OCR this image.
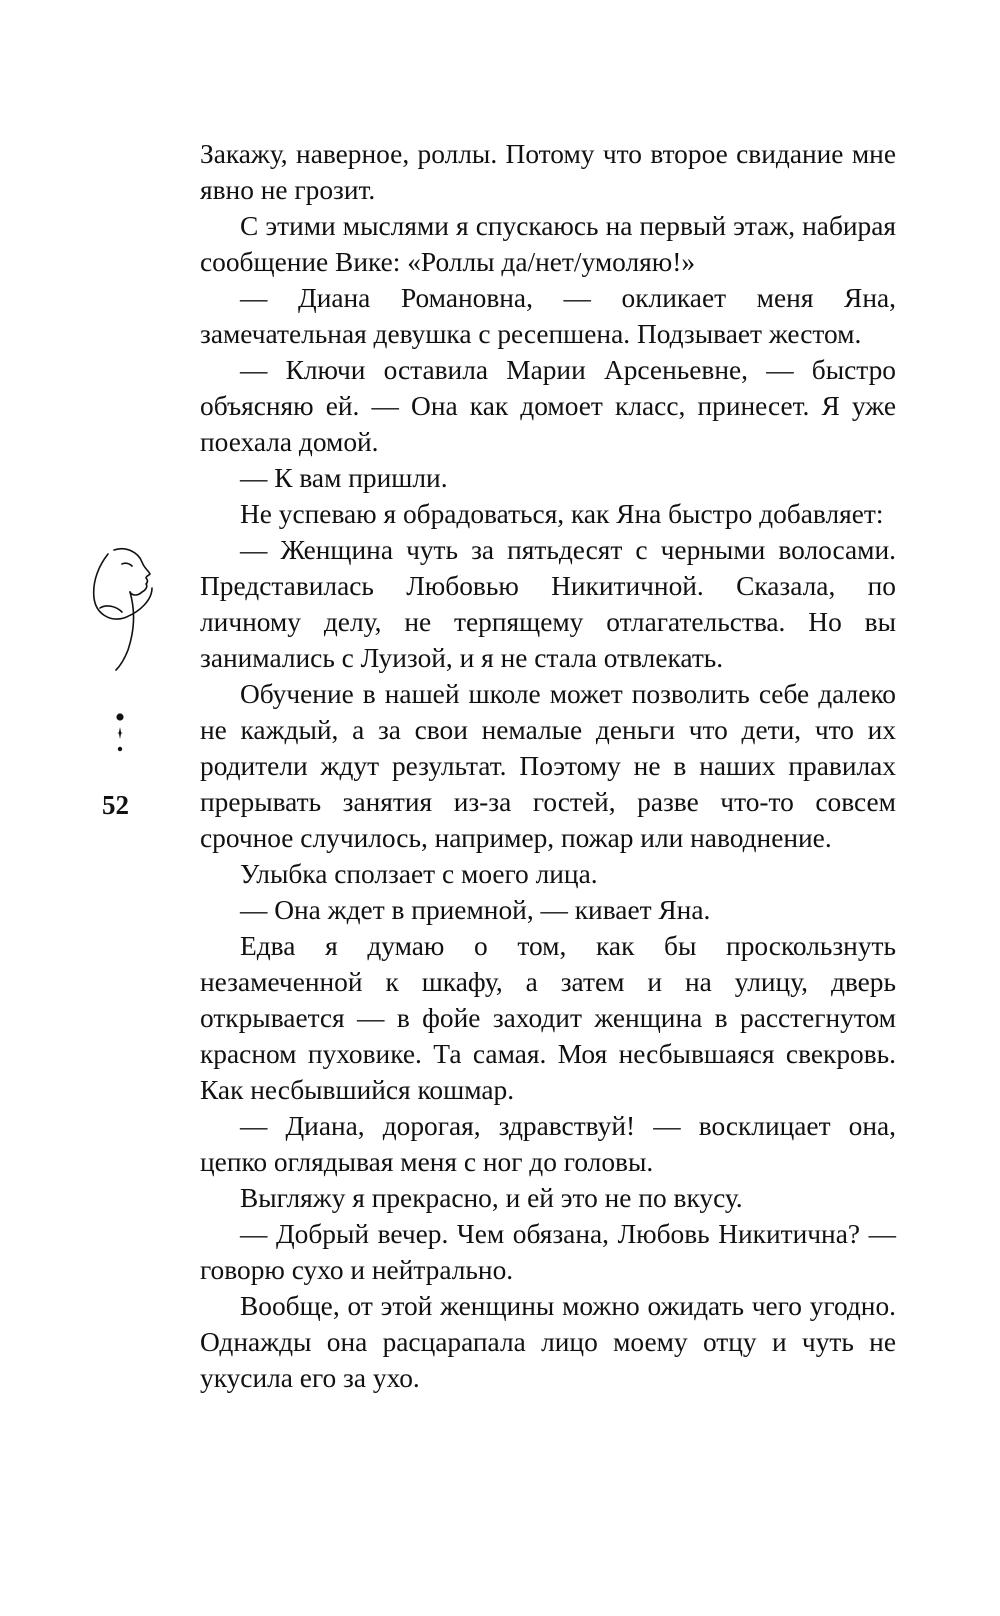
Закажу, наверное, роллы. Потому что второе свидание мне явно не грозит.

С этими мыслями я спускаюсь на первый этаж, набирая сообщение Вике: «Роллы да/нет/умоляю!»

— Диана Романовна, — окликает меня Яна, замечательная девушка с ресепшена. Подзывает жестом.

— Ключи оставила Марии Арсеньевне, — быстро объясняю ей. — Она как домоет класс, принесет. Я уже поехала домой.

— К вам пришли.

Не успеваю я обрадоваться, как Яна быстро добавляет:

— Женщина чуть за пятьдесят с черными волосами. Представилась Любовью Никитичной. Сказала, по личному делу, не терпящему отлагательства. Но вы занимались с Луизой, и я не стала отвлекать.

Обучение в нашей школе может позволить себе далеко не каждый, а за свои немалые деньги что дети, что их родители ждут результат. Поэтому не в наших правилах прерывать занятия из-за гостей, разве что-то совсем срочное случилось, например, пожар или наводнение.

Улыбка сползает с моего лица.

— Она ждет в приемной, — кивает Яна.

Едва я думаю о том, как бы проскользнуть незамеченной к шкафу, а затем и на улицу, дверь открывается — в фойе заходит женщина в расстегнутом красном пуховике. Та самая. Моя несбывшаяся свекровь. Как несбывшийся кошмар.

— Диана, дорогая, здравствуй! — восклицает она, цепко оглядывая меня с ног до головы.

Выгляжу я прекрасно, и ей это не по вкусу.

— Добрый вечер. Чем обязана, Любовь Никитична? — говорю сухо и нейтрально.

Вообще, от этой женщины можно ожидать чего угодно. Однажды она расцарапала лицо моему отцу и чуть не укусила его за ухо.

52
